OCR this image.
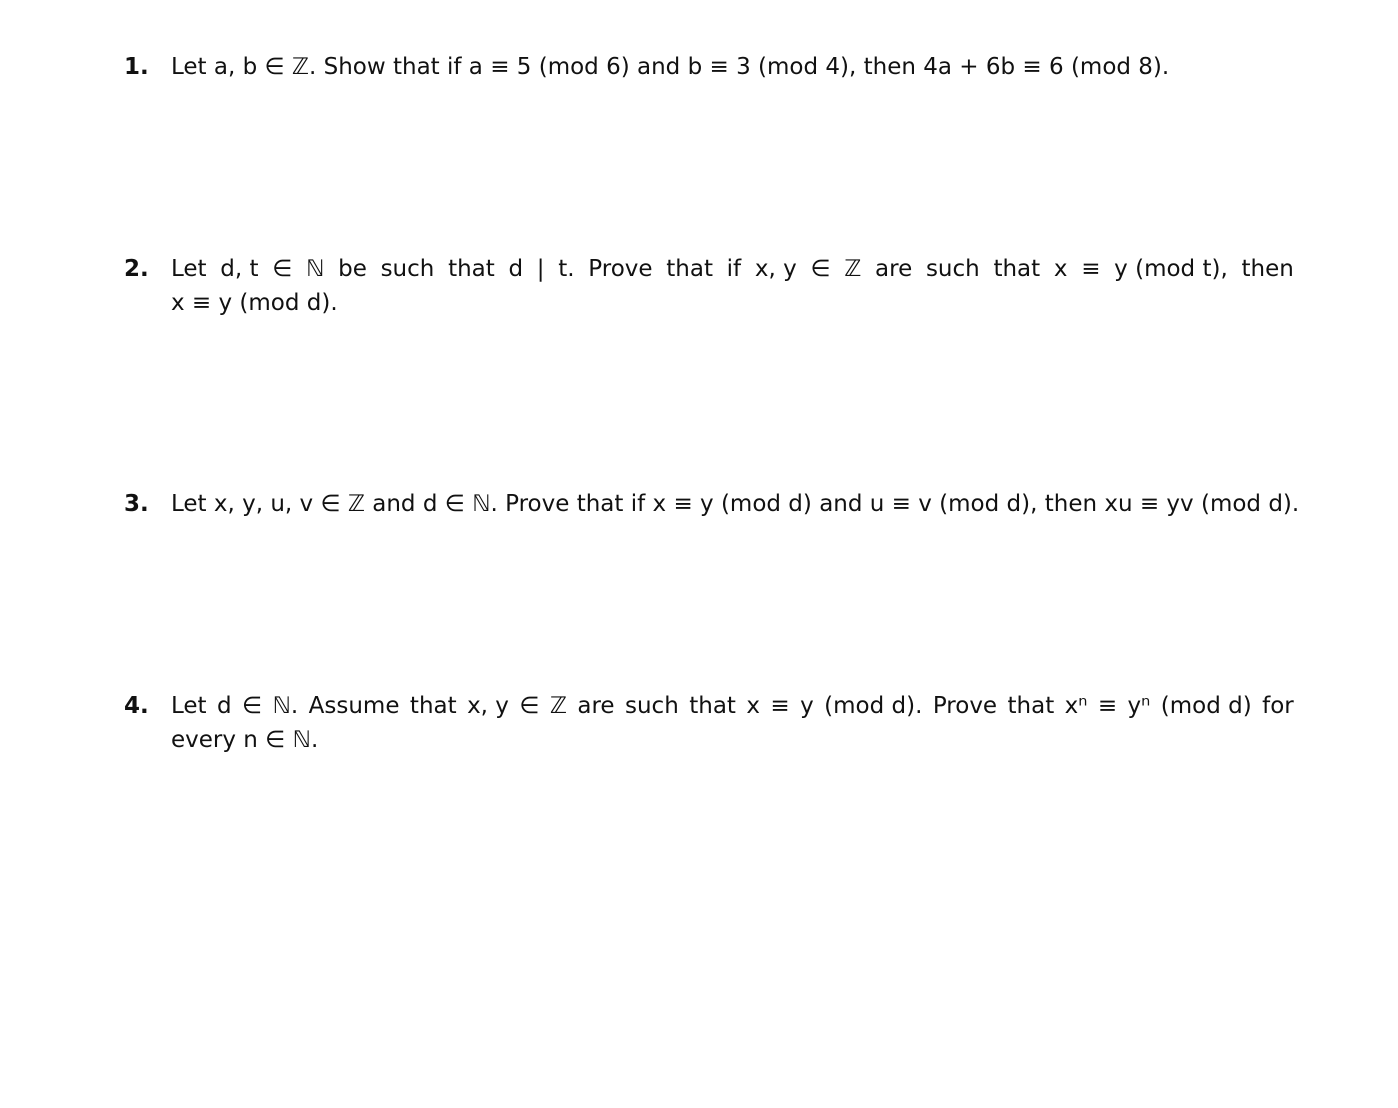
1. Let a, b ∈ ℤ. Show that if a ≡ 5 (mod 6) and b ≡ 3 (mod 4), then 4a + 6b ≡ 6 (mod 8).
2. Let d, t ∈ ℕ be such that d | t. Prove that if x, y ∈ ℤ are such that x ≡ y (mod t), then
x ≡ y (mod d).
3. Let x, y, u, v ∈ ℤ and d ∈ ℕ. Prove that if x ≡ y (mod d) and u ≡ v (mod d), then xu ≡ yv (mod d).
4. Let d ∈ ℕ. Assume that x, y ∈ ℤ are such that x ≡ y (mod d). Prove that xⁿ ≡ yⁿ (mod d) for
every n ∈ ℕ.
